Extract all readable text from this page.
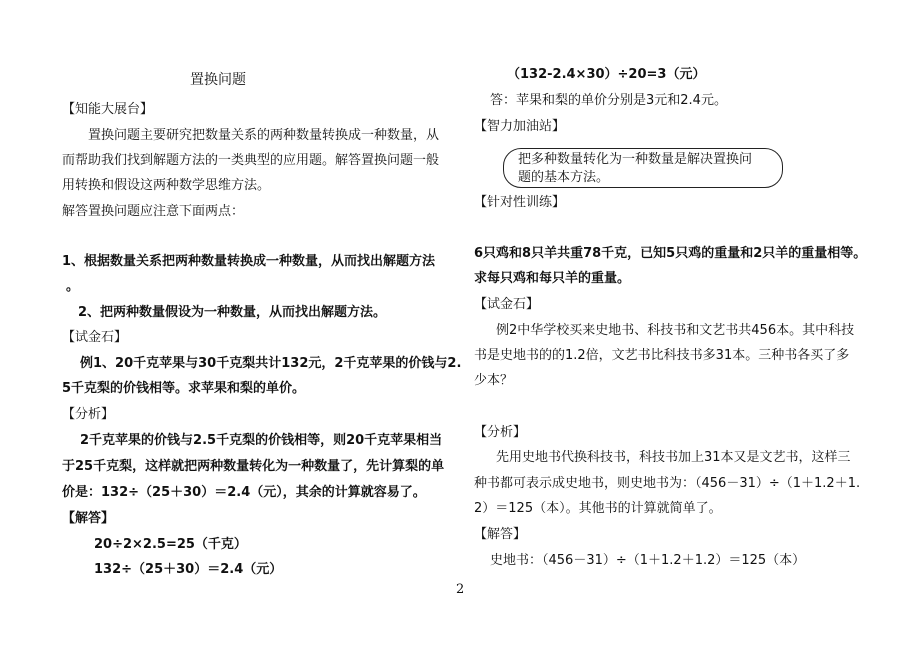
置换问题
【知能大展台】
置换问题主要研究把数量关系的两种数量转换成一种数量，从
而帮助我们找到解题方法的一类典型的应用题。解答置换问题一般
用转换和假设这两种数学思维方法。
解答置换问题应注意下面两点：
1、根据数量关系把两种数量转换成一种数量，从而找出解题方法
。
2、把两种数量假设为一种数量，从而找出解题方法。
【试金石】
例1、20千克苹果与30千克梨共计132元，2千克苹果的价钱与2.
5千克梨的价钱相等。求苹果和梨的单价。
【分析】
2千克苹果的价钱与2.5千克梨的价钱相等，则20千克苹果相当
于25千克梨，这样就把两种数量转化为一种数量了，先计算梨的单
价是：132÷（25＋30）＝2.4（元），其余的计算就容易了。
【解答】
20÷2×2.5=25（千克）
132÷（25＋30）＝2.4（元）
（132-2.4×30）÷20=3（元）
答：苹果和梨的单价分别是3元和2.4元。
【智力加油站】
把多种数量转化为一种数量是解决置换问
题的基本方法。
【针对性训练】
6只鸡和8只羊共重78千克，已知5只鸡的重量和2只羊的重量相等。
求每只鸡和每只羊的重量。
【试金石】
例2中华学校买来史地书、科技书和文艺书共456本。其中科技
书是史地书的的1.2倍，文艺书比科技书多31本。三种书各买了多
少本？
【分析】
先用史地书代换科技书，科技书加上31本又是文艺书，这样三
种书都可表示成史地书，则史地书为：（456－31）÷（1＋1.2＋1.
2）＝125（本）。其他书的计算就简单了。
【解答】
史地书：（456－31）÷（1＋1.2＋1.2）＝125（本）
2
